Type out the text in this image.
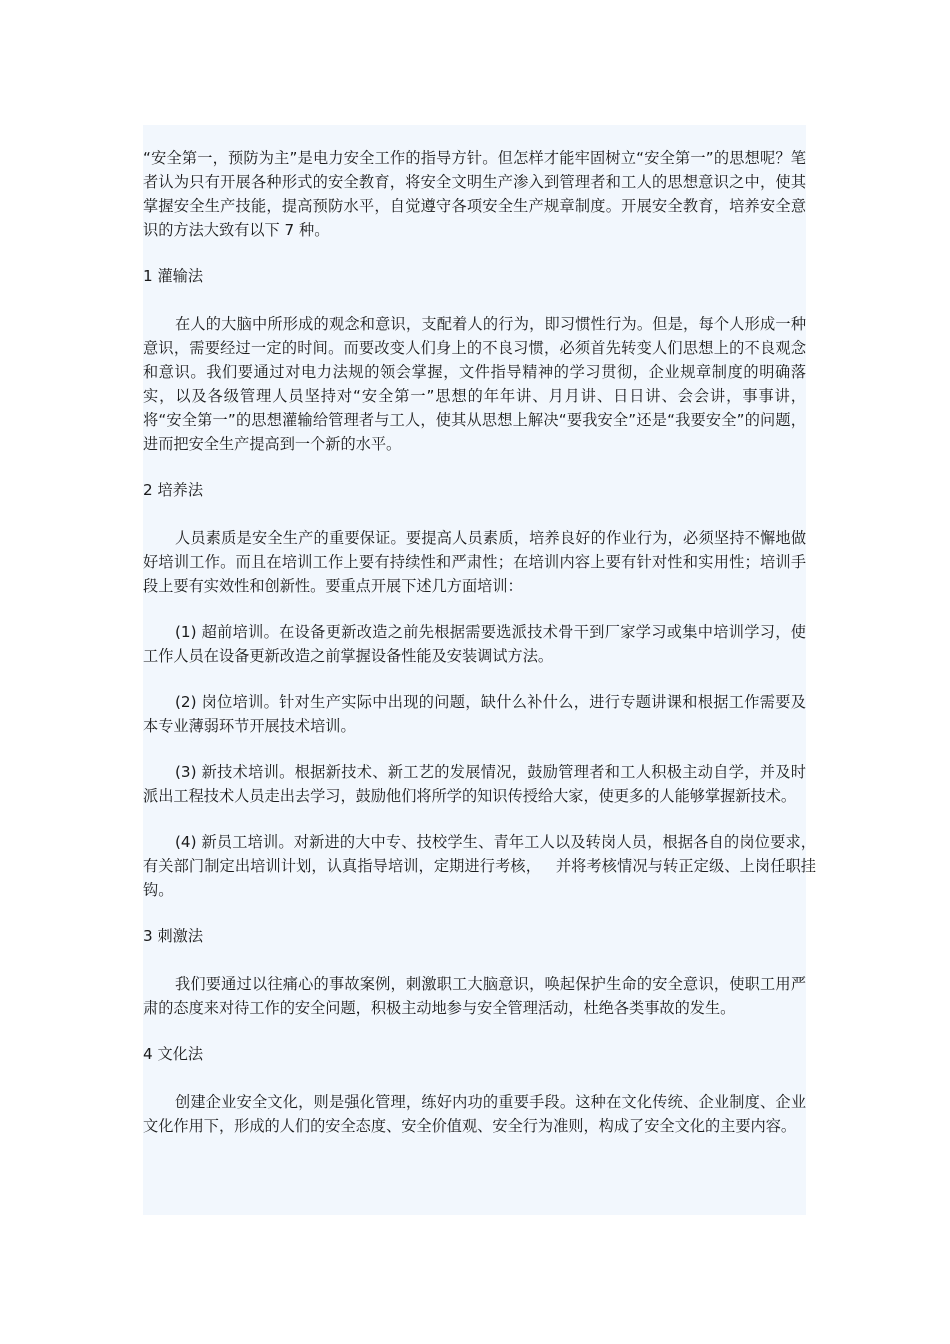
“安全第一，预防为主”是电力安全工作的指导方针。但怎样才能牢固树立“安全第一”的思想呢？笔者认为只有开展各种形式的安全教育，将安全文明生产渗入到管理者和工人的思想意识之中，使其掌握安全生产技能，提高预防水平，自觉遵守各项安全生产规章制度。开展安全教育，培养安全意识的方法大致有以下 7 种。

1 灌输法

在人的大脑中所形成的观念和意识，支配着人的行为，即习惯性行为。但是，每个人形成一种意识，需要经过一定的时间。而要改变人们身上的不良习惯，必须首先转变人们思想上的不良观念和意识。我们要通过对电力法规的领会掌握，文件指导精神的学习贯彻，企业规章制度的明确落实，以及各级管理人员坚持对“安全第一”思想的年年讲、月月讲、日日讲、会会讲，事事讲，    将“安全第一”的思想灌输给管理者与工人，使其从思想上解决“要我安全”还是“我要安全”的问题，进而把安全生产提高到一个新的水平。

2 培养法

人员素质是安全生产的重要保证。要提高人员素质，培养良好的作业行为，必须坚持不懈地做好培训工作。而且在培训工作上要有持续性和严肃性；在培训内容上要有针对性和实用性；培训手段上要有实效性和创新性。要重点开展下述几方面培训：

(1) 超前培训。在设备更新改造之前先根据需要选派技术骨干到厂家学习或集中培训学习，使工作人员在设备更新改造之前掌握设备性能及安装调试方法。

(2) 岗位培训。针对生产实际中出现的问题，缺什么补什么，进行专题讲课和根据工作需要及本专业薄弱环节开展技术培训。

(3) 新技术培训。根据新技术、新工艺的发展情况，鼓励管理者和工人积极主动自学，并及时派出工程技术人员走出去学习，鼓励他们将所学的知识传授给大家，使更多的人能够掌握新技术。

(4) 新员工培训。对新进的大中专、技校学生、青年工人以及转岗人员，根据各自的岗位要求，有关部门制定出培训计划，认真指导培训，定期进行考核，   并将考核情况与转正定级、上岗任职挂钩。

3 刺激法

我们要通过以往痛心的事故案例，刺激职工大脑意识，唤起保护生命的安全意识，使职工用严肃的态度来对待工作的安全问题，积极主动地参与安全管理活动，杜绝各类事故的发生。

4 文化法

创建企业安全文化，则是强化管理，练好内功的重要手段。这种在文化传统、企业制度、企业文化作用下，形成的人们的安全态度、安全价值观、安全行为准则，构成了安全文化的主要内容。
